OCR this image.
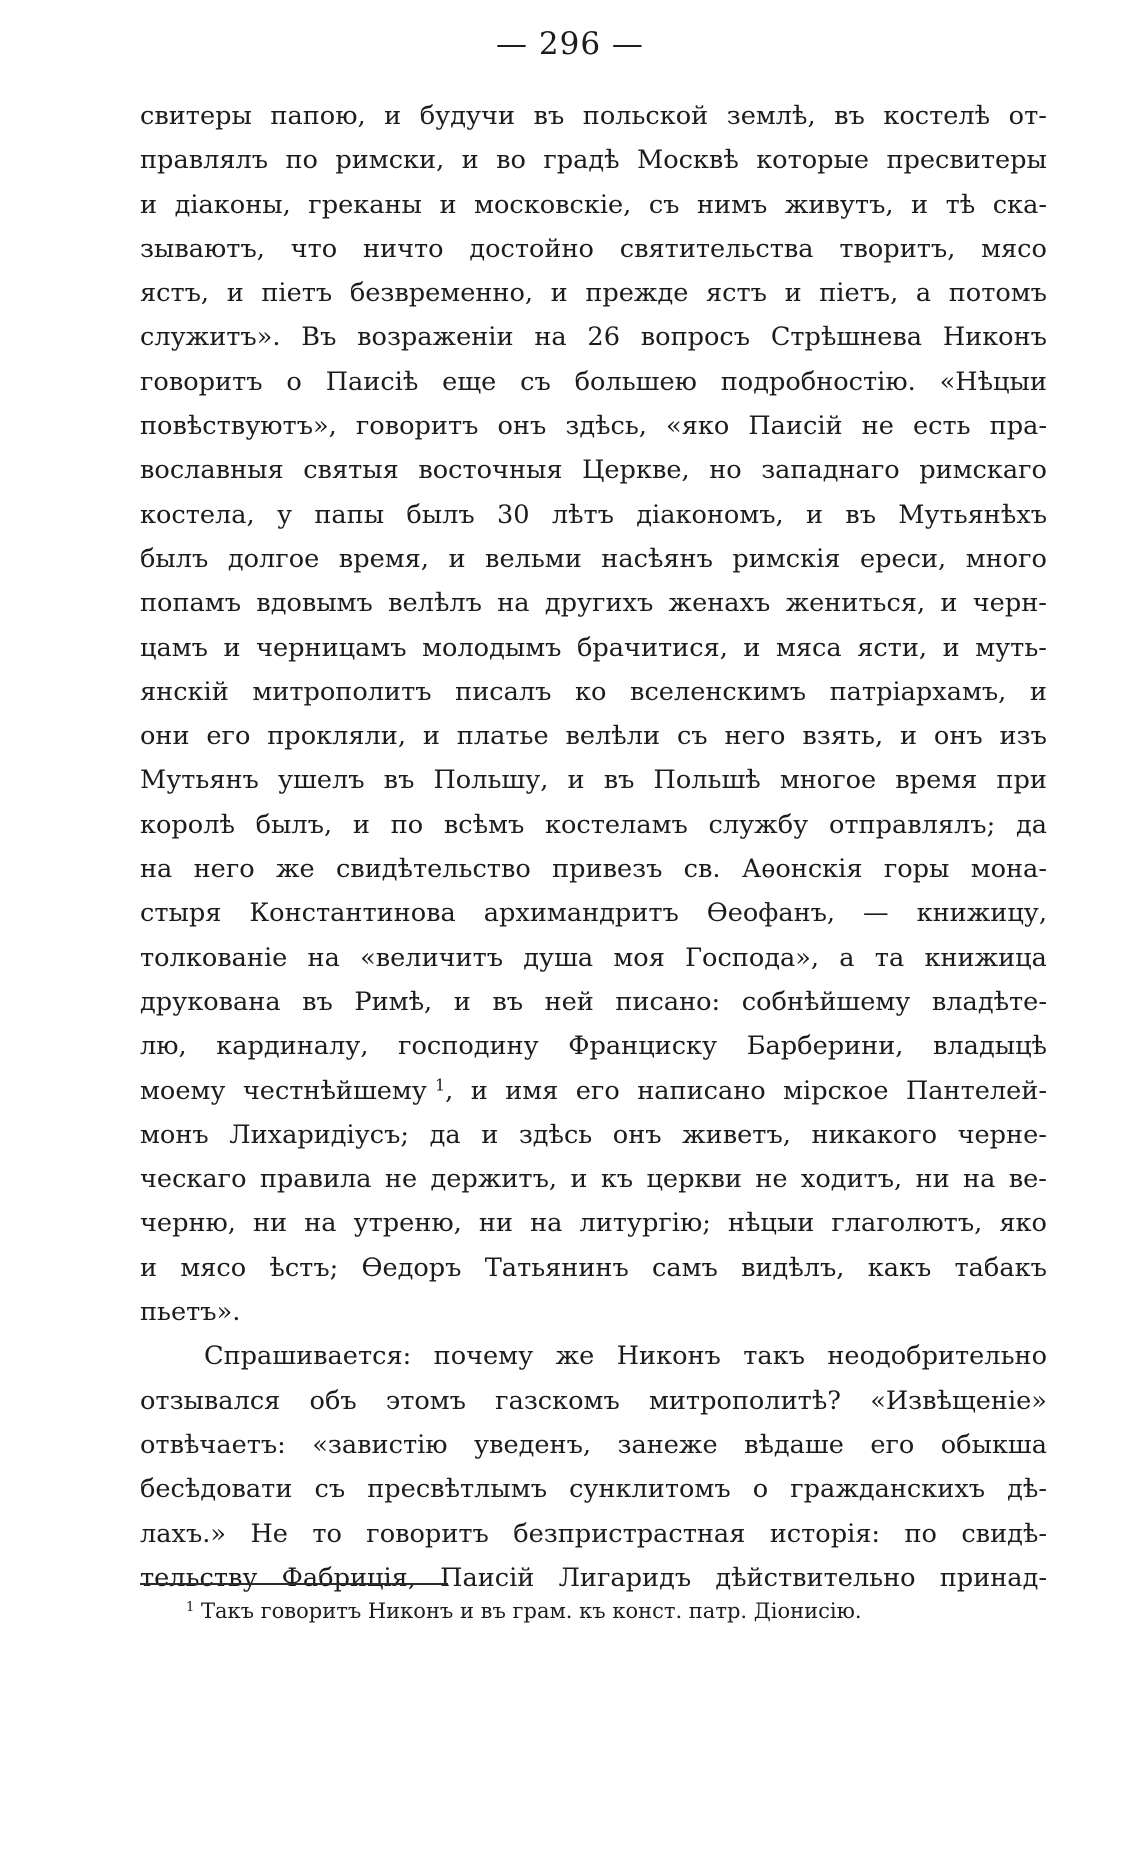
— 296 —
свитеры папою, и будучи въ польской землѣ, въ костелѣ от-
правлялъ по римски, и во градѣ Москвѣ которые пресвитеры
и діаконы, греканы и московскіе, съ нимъ живутъ, и тѣ ска-
зываютъ, что ничто достойно святительства творитъ, мясо
ястъ, и піетъ безвременно, и прежде ястъ и піетъ, а потомъ
служитъ». Въ возраженіи на 26 вопросъ Стрѣшнева Никонъ
говоритъ о Паисіѣ еще съ большею подробностію. «Нѣцыи
повѣствуютъ», говоритъ онъ здѣсь, «яко Паисій не есть пра-
вославныя святыя восточныя Церкве, но западнаго римскаго
костела, у папы былъ 30 лѣтъ діакономъ, и въ Мутьянѣхъ
былъ долгое время, и вельми насѣянъ римскія ереси, много
попамъ вдовымъ велѣлъ на другихъ женахъ жениться, и черн-
цамъ и черницамъ молодымъ брачитися, и мяса ясти, и муть-
янскій митрополитъ писалъ ко вселенскимъ патріархамъ, и
они его прокляли, и платье велѣли съ него взять, и онъ изъ
Мутьянъ ушелъ въ Польшу, и въ Польшѣ многое время при
королѣ былъ, и по всѣмъ костеламъ службу отправлялъ; да
на него же свидѣтельство привезъ св. Аѳонскія горы мона-
стыря Константинова архимандритъ Ѳеофанъ, — книжицу,
толкованіе на «величитъ душа моя Господа», а та книжица
друкована въ Римѣ, и въ ней писано: собнѣйшему владѣте-
лю, кардиналу, господину Франциску Барберини, владыцѣ
моему честнѣйшему $^1$, и имя его написано мірское Пантелей-
монъ Лихаридіусъ; да и здѣсь онъ живетъ, никакого черне-
ческаго правила не держитъ, и къ церкви не ходитъ, ни на ве-
черню, ни на утреню, ни на литургію; нѣцыи глаголютъ, яко
и мясо ѣстъ; Ѳедоръ Татьянинъ самъ видѣлъ, какъ табакъ
пьетъ».
Спрашивается: почему же Никонъ такъ неодобрительно
отзывался объ этомъ газскомъ митрополитѣ? «Извѣщеніе»
отвѣчаетъ: «завистію уведенъ, занеже вѣдаше его обыкша
бесѣдовати съ пресвѣтлымъ сунклитомъ о гражданскихъ дѣ-
лахъ.» Не то говоритъ безпристрастная исторія: по свидѣ-
тельству Фабриція, Паисій Лигаридъ дѣйствительно принад-
$^1$ Такъ говоритъ Никонъ и въ грам. къ конст. патр. Діонисію.
